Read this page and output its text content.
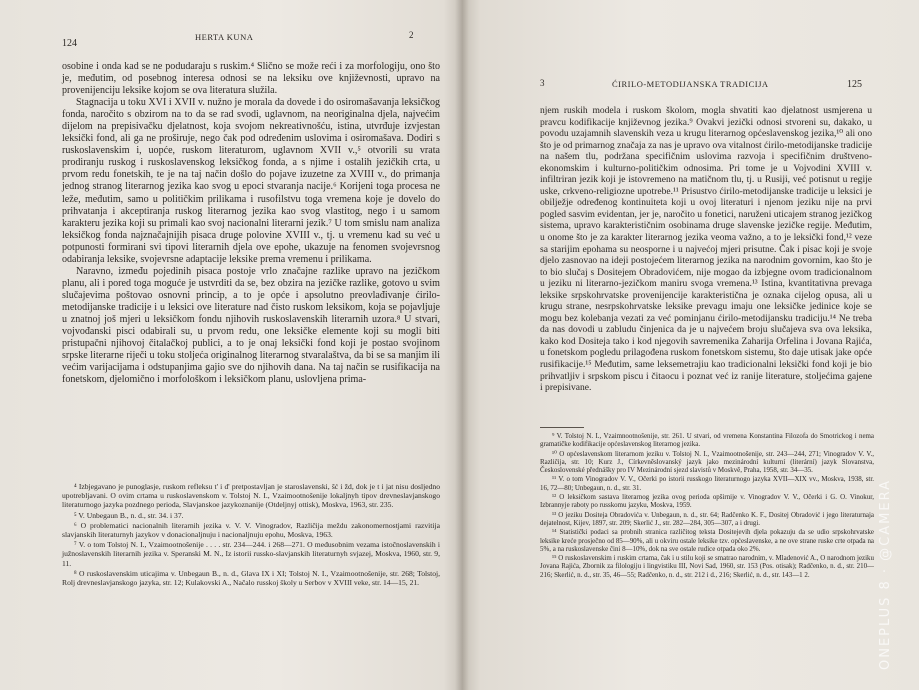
124
HERTA KUNA	2

osobine i onda kad se ne podudaraju s ruskim.⁴ Slično se može reći i za morfologiju, ono što je, međutim, od posebnog interesa odnosi se na leksiku ove književnosti, upravo na provenijenciju leksike kojom se ova literatura služila.

Stagnacija u toku XVI i XVII v. nužno je morala da dovede i do osiromašavanja leksičkog fonda, naročito s obzirom na to da se rad svodi, uglavnom, na neoriginalna djela, najvećim dijelom na prepisivačku djelatnost, koja svojom nekreativnošću, istina, utvrđuje izvjestan leksički fond, ali ga ne proširuje, nego čak pod određenim uslovima i osiromašava. Dodiri s ruskoslavenskim i, uopće, ruskom literaturom, uglavnom XVII v.,⁵ otvorili su vrata prodiranju ruskog i ruskoslavenskog leksičkog fonda, a s njime i ostalih jezičkih crta, u prvom redu fonetskih, te je na taj način došlo do pojave izuzetne za XVIII v., do primanja jednog stranog literarnog jezika kao svog u epoci stvaranja nacije.⁶ Korijeni toga procesa ne leže, međutim, samo u političkim prilikama i rusofilstvu toga vremena koje je dovelo do prihvatanja i akceptiranja ruskog literarnog jezika kao svog vlastitog, nego i u samom karakteru jezika koji su primali kao svoj nacionalni literarni jezik.⁷ U tom smislu nam analiza leksičkog fonda najznačajnijih pisaca druge polovine XVIII v., tj. u vremenu kad su već u potpunosti formirani svi tipovi literarnih djela ove epohe, ukazuje na fenomen svojevrsnog odabiranja leksike, svojevrsne adaptacije leksike prema vremenu i prilikama.

Naravno, između pojedinih pisaca postoje vrlo značajne razlike upravo na jezičkom planu, ali i pored toga moguće je ustvrditi da se, bez obzira na jezičke razlike, gotovo u svim slučajevima poštovao osnovni princip, a to je opće i apsolutno preovlađivanje ćirilo-metodijanske tradicije i u leksici ove literature nad čisto ruskom leksikom, koja se pojavljuje u znatnoj još mjeri u leksičkom fondu njihovih ruskoslavenskih literarnih uzora.⁸ U stvari, vojvođanski pisci odabirali su, u prvom redu, one leksičke elemente koji su mogli biti pristupačni njihovoj čitalačkoj publici, a to je onaj leksički fond koji je postao svojinom srpske literarne riječi u toku stoljeća originalnog literarnog stvaralaštva, da bi se sa manjim ili većim varijacijama i odstupanjima gajio sve do njihovih dana. Na taj način se rusifikacija na fonetskom, djelomično i morfološkom i leksičkom planu, uslovljena prima-

⁴ Izbjegavano je punoglasje, ruskom refleksu t' i d' pretpostavljan je staroslavenski, šć i žd, dok je t i jat nisu dosljedno upotrebljavani. O ovim crtama u ruskoslavenskom v. Tolstoj N. I., Vzaimootnošenije lokaljnyh tipov drevneslavjanskogo literaturnogo jazyka pozdnego perioda, Slavjanskoe jazykoznanije (Otdeljnyj ottisk), Moskva, 1963, str. 235.

⁵ V. Unbegaun B., n. d., str. 34. i 37.

⁶ O problematici nacionalnih literarnih jezika v. V. V. Vinogradov, Različija meždu zakonomernostjami razvitija slavjanskih literaturnyh jazykov v donacionaljnuju i nacionaljnuju epohu, Moskva, 1963.

⁷ V. o tom Tolstoj N. I., Vzaimootnošenije . . . . str. 234—244. i 268—271. O međusobnim vezama istočnoslavenskih i južnoslavenskih literarnih jezika v. Speranski M. N., Iz istorii russko-slavjanskih literaturnyh svjazej, Moskva, 1960, str. 9, 11.

⁸ O ruskoslavenskim uticajima v. Unbegaun B., n. d., Glava IX i XI; Tolstoj N. I., Vzaimootnošenije, str. 268; Tolstoj, Rolj drevneslavjanskogo jazyka, str. 12; Kulakovski A., Načalo russkoj školy u Serbov v XVIII veke, str. 14—15, 21.

3	ĆIRILO-METODIJANSKA TRADICIJA	125

njem ruskih modela i ruskom školom, mogla shvatiti kao djelatnost usmjerena u pravcu kodifikacije književnog jezika.⁹ Ovakvi jezički odnosi stvoreni su, dakako, u povodu uzajamnih slavenskih veza u krugu literarnog općeslavenskog jezika,¹⁰ ali ono što je od primarnog značaja za nas je upravo ova vitalnost ćirilo-metodijanske tradicije na našem tlu, podržana specifičnim uslovima razvoja i specifičnim društveno-ekonomskim i kulturno-političkim odnosima. Pri tome je u Vojvodini XVIII v. infiltriran jezik koji je istovremeno na matičnom tlu, tj. u Rusiji, već potisnut u regije uske, crkveno-religiozne upotrebe.¹¹ Prisustvo ćirilo-metodijanske tradicije u leksici je obilježje određenog kontinuiteta koji u ovoj literaturi i njenom jeziku nije na prvi pogled sasvim evidentan, jer je, naročito u fonetici, naruženi uticajem stranog jezičkog sistema, upravo karakterističnim osobinama druge slavenske jezičke regije. Međutim, u onome što je za karakter literarnog jezika veoma važno, a to je leksički fond,¹² veze sa starijim epohama su neosporne i u najvećoj mjeri prisutne. Čak i pisac koji je svoje djelo zasnovao na ideji postojećem literarnog jezika na narodnim govornim, kao što je to bio slučaj s Dositejem Obradovićem, nije mogao da izbjegne ovom tradicionalnom u jeziku ni literarno-jezičkom maniru svoga vremena.¹³ Istina, kvantitativna prevaga leksike srpskohrvatske provenijencije karakteristična je oznaka cijelog opusa, ali u krugu strane, nesrpskohrvatske leksike prevagu imaju one leksičke jedinice koje se mogu bez kolebanja vezati za već pominjanu ćirilo-metodijansku tradiciju.¹⁴ Ne treba da nas dovodi u zabludu činjenica da je u najvećem broju slučajeva sva ova leksika, kako kod Dositeja tako i kod njegovih savremenika Zaharija Orfelina i Jovana Rajića, u fonetskom pogledu prilagođena ruskom fonetskom sistemu, što daje utisak jake opće rusifikacije.¹⁵ Međutim, same leksemetrajiu kao tradicionalni leksički fond koji je bio prihvatljiv i srpskom piscu i čitaocu i poznat već iz ranije literature, stoljećima gajene i prepisivane.

⁹ V. Tolstoj N. I., Vzaimnootnošenije, str. 261. U stvari, od vremena Konstantina Filozofa do Smotrickog i nema gramatičke kodifikacije općeslavenskog literarnog jezika.

¹⁰ O općeslavenskom literarnom jeziku v. Tolstoj N. I., Vzaimootnošenije, str. 243—244, 271; Vinogradov V. V., Različija, str. 10; Kurz J., Církevněslovanský jazyk jako mezinárodní kulturní (literární) jazyk Slovanstva, Československé přednášky pro IV Mezinárodní sjezd slavistů v Moskvě, Praha, 1958, str. 34—35.

¹¹ V. o tom Vinogradov V. V., Očerki po istorii russkogo literaturnogo jazyka XVII—XIX vv., Moskva, 1938, str. 16, 72—80; Unbegaun, n. d., str. 31.

¹² O leksičkom sastava literarnog jezika ovog perioda opširnije v. Vinogradov V. V., Očerki i G. O. Vinokur, Izbrannyje raboty po russkomu jazyku, Moskva, 1959.

¹³ O jeziku Dositeja Obradovića v. Unbegaun, n. d., str. 64; Radčenko K. F., Dositej Obradović i jego literaturnaja dejatelnost, Kijev, 1897, str. 209; Skerlić J., str. 282—284, 305—307, a i drugi.

¹⁴ Statistički podaci sa probnih stranica različitog teksta Dositejevih djela pokazuju da se udio srpskohrvatske leksike kreće prosječno od 85—90%, ali u okviru ostale leksike tzv. općeslavenske, a ne ove strane ruske crte otpada na 5%, a na ruskoslavenske čini 8—10%, dok na sve ostale rudice otpada oko 2%.

¹⁵ O ruskoslavenskim i ruskim crtama, čak i u stilu koji se smatrao narodnim, v. Mladenović A., O narodnom jeziku Jovana Rajića, Zbornik za filologiju i lingvistiku III, Novi Sad, 1960, str. 153 (Pos. otisak); Radčenko, n. d., str. 210—216; Skerlić, n. d., str. 35, 46—55; Radčenko, n. d., str. 212 i d., 216; Skerlić, n. d., str. 143—1 2.	ONEPLUS 8 · @CAMERA
